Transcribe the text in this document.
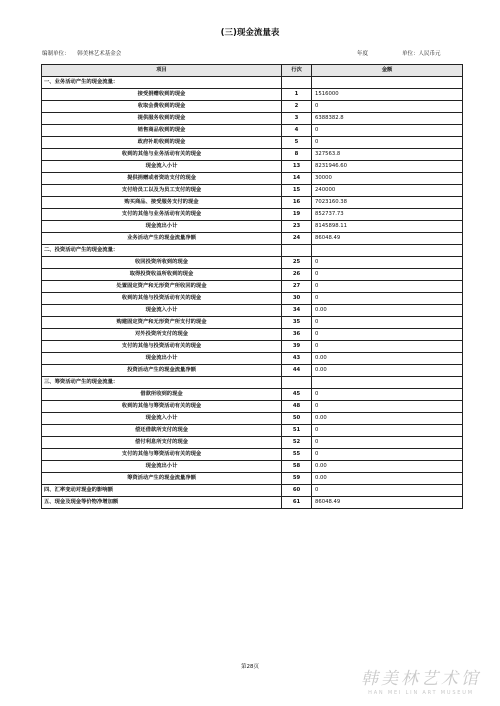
(三)现金流量表
编制单位： 韩美林艺术基金会	年度	单位：人民币元
项目	行次	金额
一、业务活动产生的现金流量：		
接受捐赠收到的现金	1	1516000
收取会费收到的现金	2	0
提供服务收到的现金	3	6388382.8
销售商品收到的现金	4	0
政府补助收到的现金	5	0
收到的其他与业务活动有关的现金	8	327563.8
现金流入小计	13	8231946.60
提供捐赠或者资助支付的现金	14	30000
支付给员工以及为员工支付的现金	15	240000
购买商品、接受服务支付的现金	16	7023160.38
支付的其他与业务活动有关的现金	19	852737.73
现金流出小计	23	8145898.11
业务活动产生的现金流量净额	24	86048.49
二、投资活动产生的现金流量：		
收回投资所收到的现金	25	0
取得投资收益所收到的现金	26	0
处置固定资产和无形资产所收回的现金	27	0
收到的其他与投资活动有关的现金	30	0
现金流入小计	34	0.00
购建固定资产和无形资产所支付的现金	35	0
对外投资所支付的现金	36	0
支付的其他与投资活动有关的现金	39	0
现金流出小计	43	0.00
投资活动产生的现金流量净额	44	0.00
三、筹资活动产生的现金流量：		
借款所收到的现金	45	0
收到的其他与筹资活动有关的现金	48	0
现金流入小计	50	0.00
偿还借款所支付的现金	51	0
偿付利息所支付的现金	52	0
支付的其他与筹资活动有关的现金	55	0
现金流出小计	58	0.00
筹资活动产生的现金流量净额	59	0.00
四、汇率变动对现金的影响额	60	0
五、现金及现金等价物净增加额	61	86048.49
第28页
韩美林艺术馆
HAN MEI LIN ART MUSEUM
